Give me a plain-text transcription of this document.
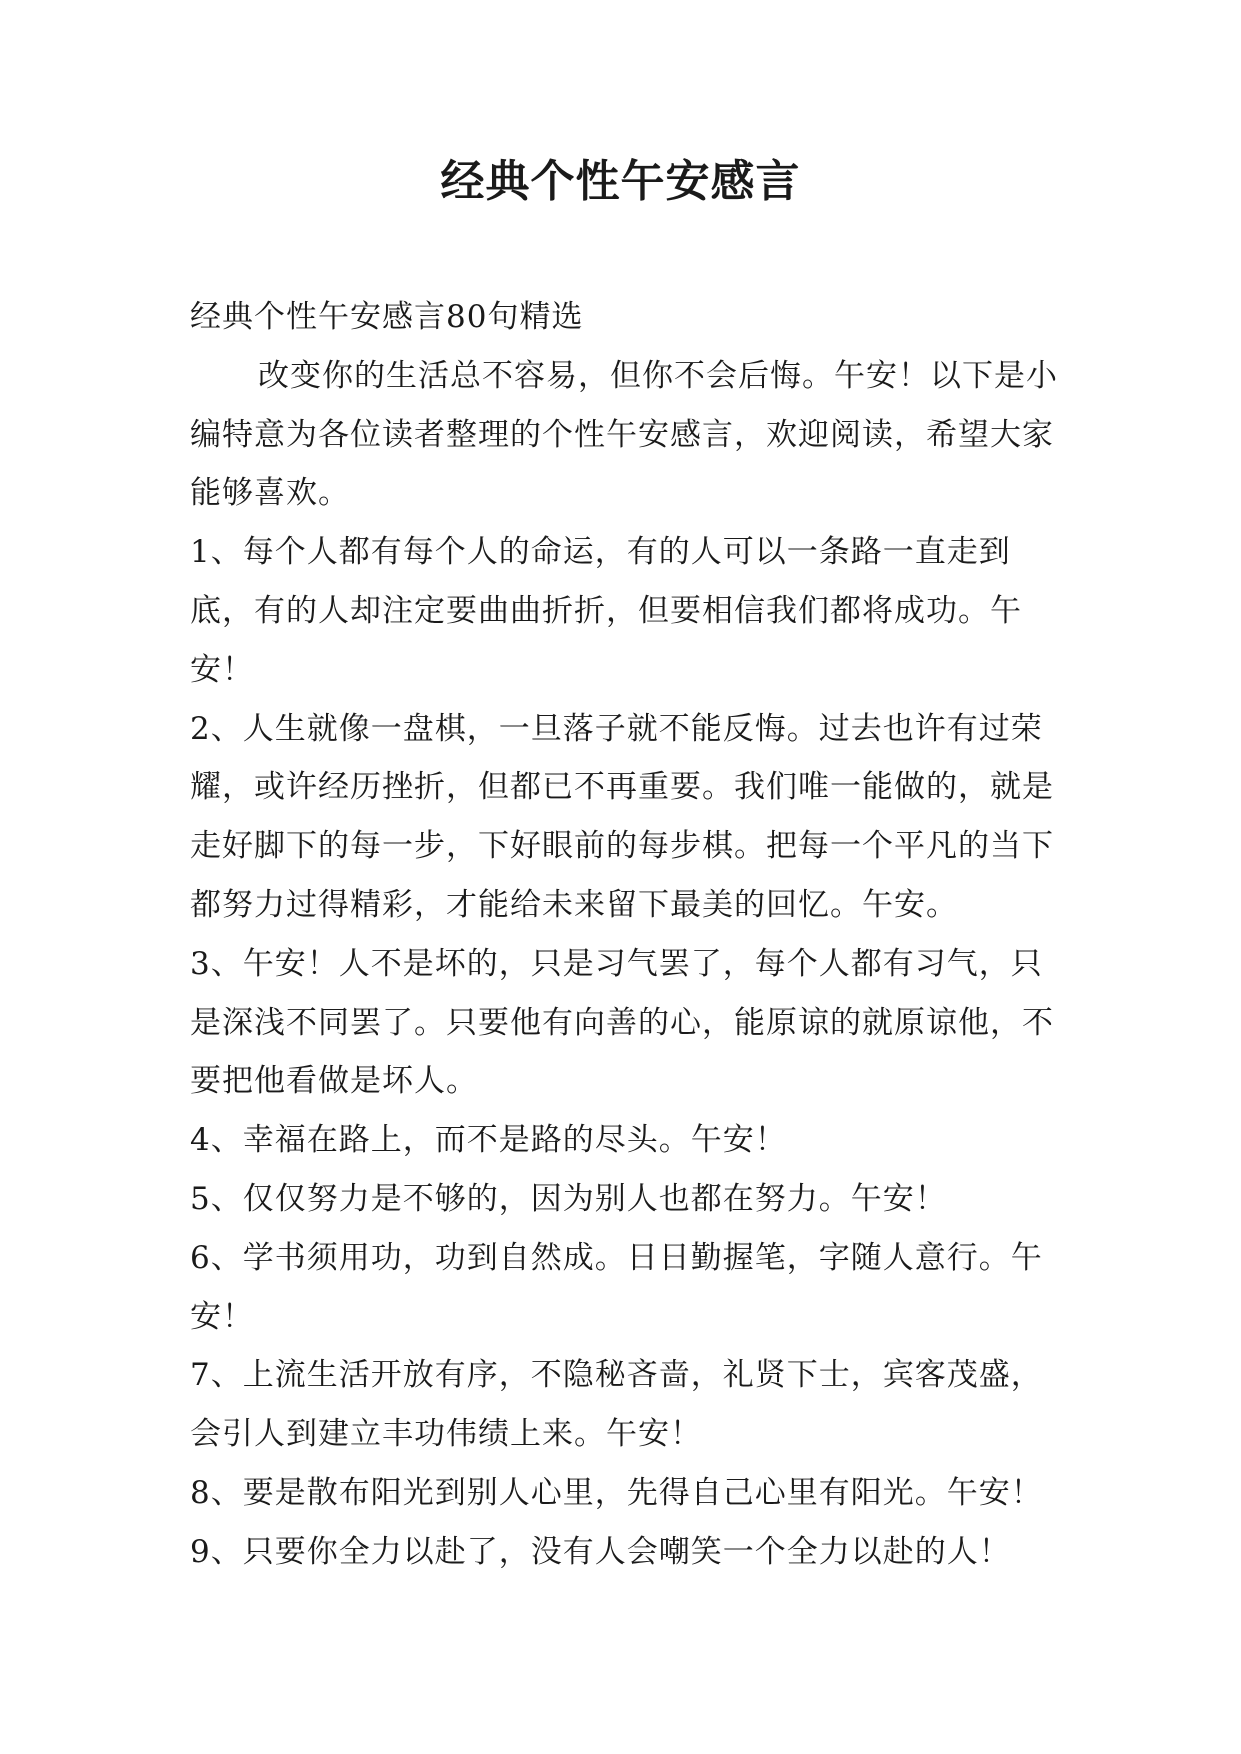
经典个性午安感言

经典个性午安感言80句精选

改变你的生活总不容易，但你不会后悔。午安！以下是小编特意为各位读者整理的个性午安感言，欢迎阅读，希望大家能够喜欢。

1、每个人都有每个人的命运，有的人可以一条路一直走到底，有的人却注定要曲曲折折，但要相信我们都将成功。午安！

2、人生就像一盘棋，一旦落子就不能反悔。过去也许有过荣耀，或许经历挫折，但都已不再重要。我们唯一能做的，就是走好脚下的每一步，下好眼前的每步棋。把每一个平凡的当下都努力过得精彩，才能给未来留下最美的回忆。午安。

3、午安！人不是坏的，只是习气罢了，每个人都有习气，只是深浅不同罢了。只要他有向善的心，能原谅的就原谅他，不要把他看做是坏人。

4、幸福在路上，而不是路的尽头。午安！

5、仅仅努力是不够的，因为别人也都在努力。午安！

6、学书须用功，功到自然成。日日勤握笔，字随人意行。午安！

7、上流生活开放有序，不隐秘吝啬，礼贤下士，宾客茂盛，会引人到建立丰功伟绩上来。午安！

8、要是散布阳光到别人心里，先得自己心里有阳光。午安！

9、只要你全力以赴了，没有人会嘲笑一个全力以赴的人！
